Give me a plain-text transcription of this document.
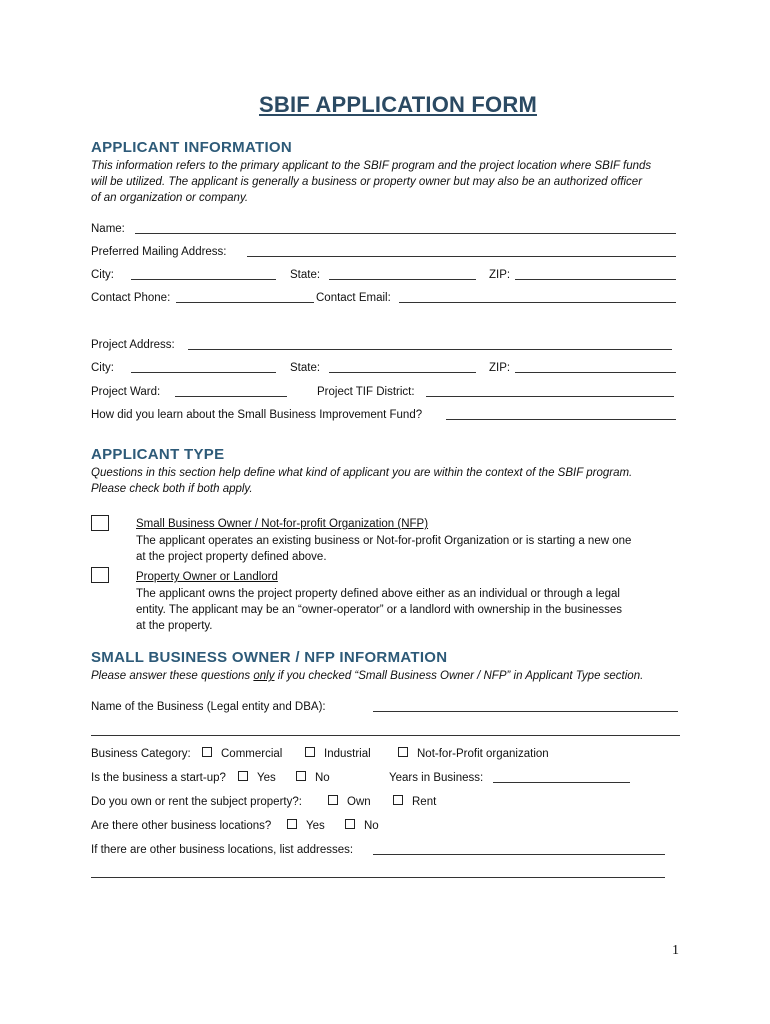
SBIF APPLICATION FORM
APPLICANT INFORMATION
This information refers to the primary applicant to the SBIF program and the project location where SBIF funds
will be utilized. The applicant is generally a business or property owner but may also be an authorized officer
of an organization or company.
Name:
Preferred Mailing Address:
City:	State:	ZIP:
Contact Phone:	Contact Email:
Project Address:
City:	State:	ZIP:
Project Ward:	Project TIF District:
How did you learn about the Small Business Improvement Fund?
APPLICANT TYPE
Questions in this section help define what kind of applicant you are within the context of the SBIF program.
Please check both if both apply.
Small Business Owner / Not-for-profit Organization (NFP)
The applicant operates an existing business or Not-for-profit Organization or is starting a new one
at the project property defined above.
Property Owner or Landlord
The applicant owns the project property defined above either as an individual or through a legal
entity. The applicant may be an “owner-operator” or a landlord with ownership in the businesses
at the property.
SMALL BUSINESS OWNER / NFP INFORMATION
Please answer these questions only if you checked “Small Business Owner / NFP” in Applicant Type section.
Name of the Business (Legal entity and DBA):
Business Category:	Commercial	Industrial	Not-for-Profit organization
Is the business a start-up?	Yes	No	Years in Business:
Do you own or rent the subject property?:	Own	Rent
Are there other business locations?	Yes	No
If there are other business locations, list addresses:
1
